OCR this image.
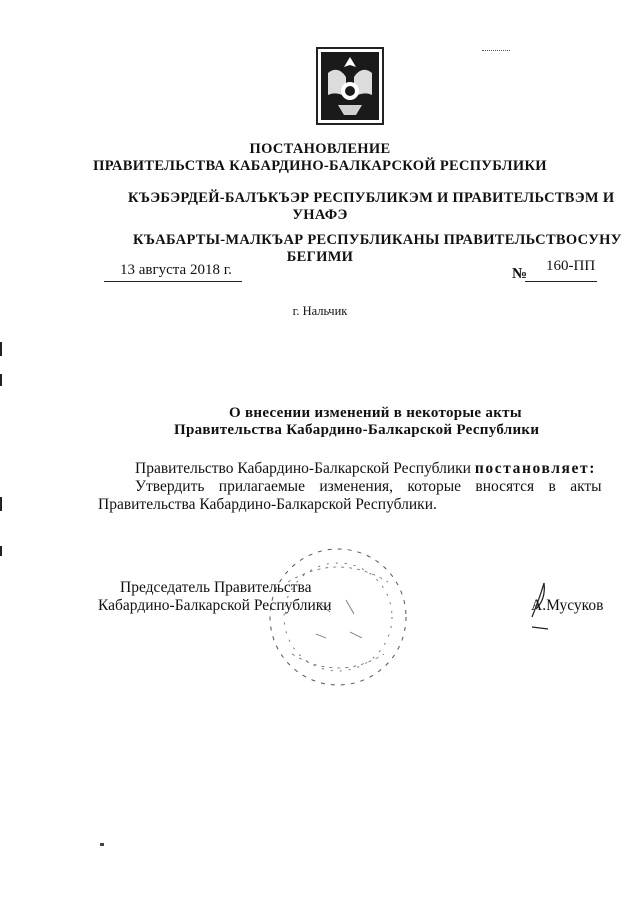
ПОСТАНОВЛЕНИЕ
ПРАВИТЕЛЬСТВА КАБАРДИНО-БАЛКАРСКОЙ РЕСПУБЛИКИ
КЪЭБЭРДЕЙ-БАЛЪКЪЭР РЕСПУБЛИКЭМ И ПРАВИТЕЛЬСТВЭМ И
УНАФЭ
КЪАБАРТЫ-МАЛКЪАР РЕСПУБЛИКАНЫ ПРАВИТЕЛЬСТВОСУНУ
БЕГИМИ
13 августа 2018 г.	№ 160-ПП
г. Нальчик
О внесении изменений в некоторые акты
Правительства Кабардино-Балкарской Республики
Правительство Кабардино-Балкарской Республики постановляет:
Утвердить прилагаемые изменения, которые вносятся в акты
Правительства Кабардино-Балкарской Республики.
Председатель Правительства
Кабардино-Балкарской Республики	А.Мусуков
